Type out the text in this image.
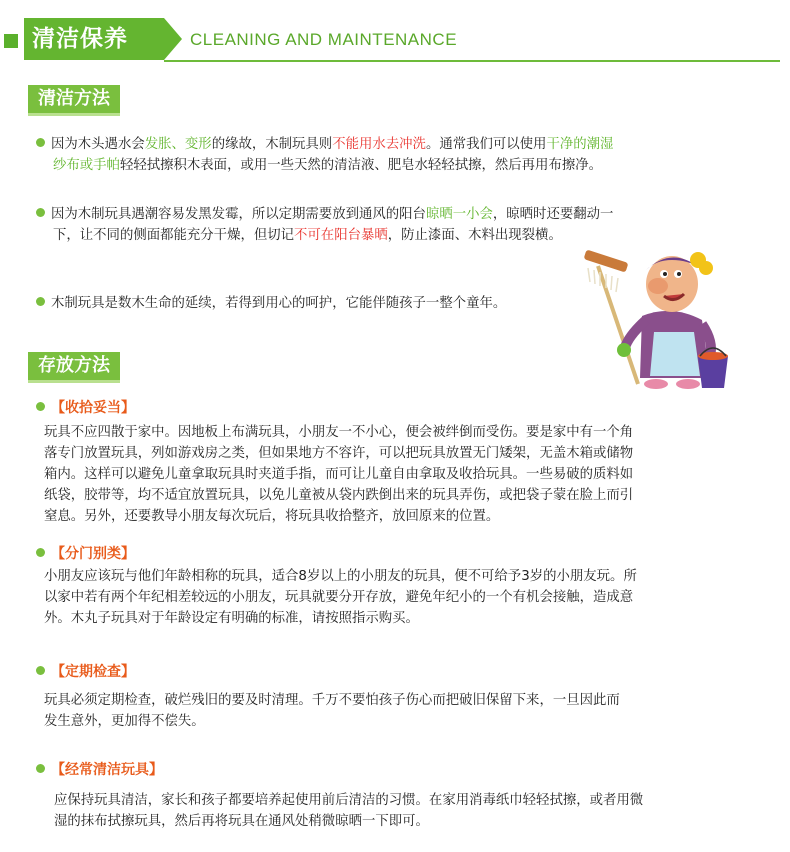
清洁保养	CLEANING AND MAINTENANCE
清洁方法
因为木头遇水会发胀、变形的缘故，木制玩具则不能用水去冲洗。通常我们可以使用干净的潮湿
纱布或手帕轻轻拭擦积木表面，或用一些天然的清洁液、肥皂水轻轻拭擦，然后再用布擦净。
因为木制玩具遇潮容易发黑发霉，所以定期需要放到通风的阳台晾晒一小会，晾晒时还要翻动一
下，让不同的侧面都能充分干燥，但切记不可在阳台暴晒，防止漆面、木料出现裂横。
木制玩具是数木生命的延续，若得到用心的呵护，它能伴随孩子一整个童年。
存放方法
【收拾妥当】
玩具不应四散于家中。因地板上布满玩具，小朋友一不小心，便会被绊倒而受伤。要是家中有一个角
落专门放置玩具，列如游戏房之类，但如果地方不容许，可以把玩具放置无门矮架，无盖木箱或储物
箱内。这样可以避免儿童拿取玩具时夹道手指，而可让儿童自由拿取及收拾玩具。一些易破的质料如
纸袋，胶带等，均不适宜放置玩具，以免儿童被从袋内跌倒出来的玩具弄伤，或把袋子蒙在脸上而引
窒息。另外，还要教导小朋友每次玩后，将玩具收拾整齐，放回原来的位置。
【分门别类】
小朋友应该玩与他们年龄相称的玩具，适合8岁以上的小朋友的玩具，便不可给予3岁的小朋友玩。所
以家中若有两个年纪相差较远的小朋友，玩具就要分开存放，避免年纪小的一个有机会接触，造成意
外。木丸子玩具对于年龄设定有明确的标准，请按照指示购买。
【定期检查】
玩具必须定期检查，破烂残旧的要及时清理。千万不要怕孩子伤心而把破旧保留下来，一旦因此而
发生意外，更加得不偿失。
【经常清洁玩具】
应保持玩具清洁，家长和孩子都要培养起使用前后清洁的习惯。在家用消毒纸巾轻轻拭擦，或者用微
湿的抹布拭擦玩具，然后再将玩具在通风处稍微晾晒一下即可。
